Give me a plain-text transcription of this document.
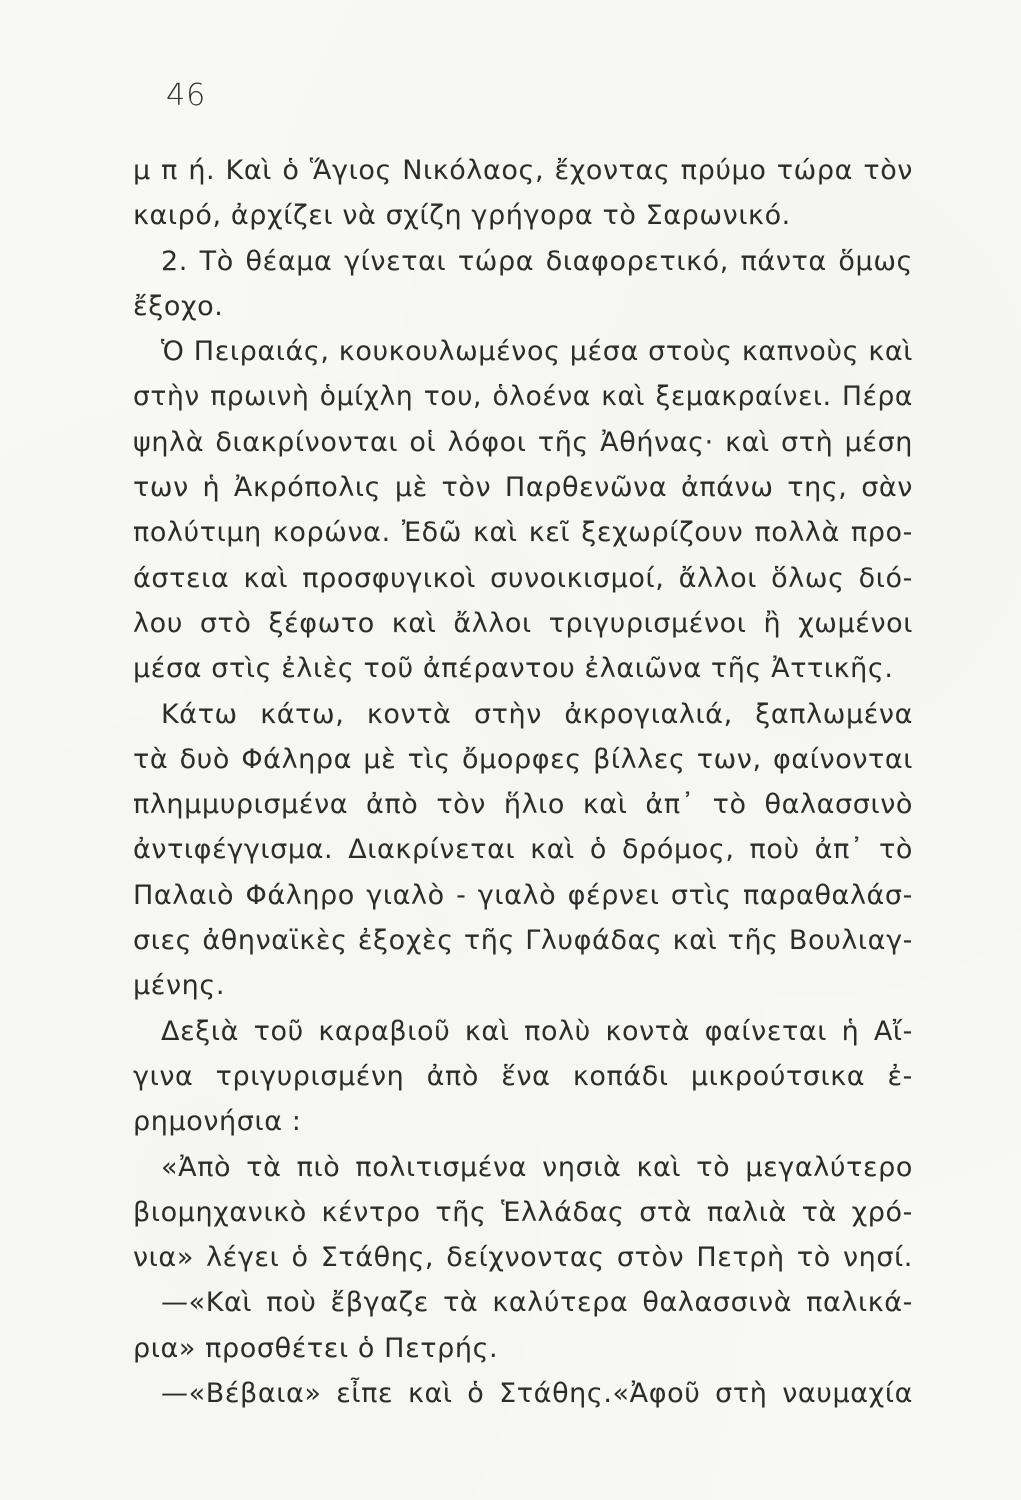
46
μ π ή. Καὶ ὁ Ἅγιος Νικόλαος, ἔχοντας πρύμο τώρα τὸν
καιρό, ἀρχίζει νὰ σχίζη γρήγορα τὸ Σαρωνικό.
2. Τὸ θέαμα γίνεται τώρα διαφορετικό, πάντα ὅμως
ἔξοχο.
Ὁ Πειραιάς, κουκουλωμένος μέσα στοὺς καπνοὺς καὶ
στὴν πρωινὴ ὁμίχλη του, ὁλοένα καὶ ξεμακραίνει. Πέρα
ψηλὰ διακρίνονται οἱ λόφοι τῆς Ἀθήνας· καὶ στὴ μέση
των ἡ Ἀκρόπολις μὲ τὸν Παρθενῶνα ἀπάνω της, σὰν
πολύτιμη κορώνα. Ἐδῶ καὶ κεῖ ξεχωρίζουν πολλὰ προ-
άστεια καὶ προσφυγικοὶ συνοικισμοί, ἄλλοι ὅλως διό-
λου στὸ ξέφωτο καὶ ἄλλοι τριγυρισμένοι ἢ χωμένοι
μέσα στὶς ἐλιὲς τοῦ ἀπέραντου ἐλαιῶνα τῆς Ἀττικῆς.
Κάτω κάτω, κοντὰ στὴν ἀκρογιαλιά, ξαπλωμένα
τὰ δυὸ Φάληρα μὲ τὶς ὄμορφες βίλλες των, φαίνονται
πλημμυρισμένα ἀπὸ τὸν ἥλιο καὶ ἀπ᾿ τὸ θαλασσινὸ
ἀντιφέγγισμα. Διακρίνεται καὶ ὁ δρόμος, ποὺ ἀπ᾿ τὸ
Παλαιὸ Φάληρο γιαλὸ - γιαλὸ φέρνει στὶς παραθαλάσ-
σιες ἀθηναϊκὲς ἐξοχὲς τῆς Γλυφάδας καὶ τῆς Βουλιαγ-
μένης.
Δεξιὰ τοῦ καραβιοῦ καὶ πολὺ κοντὰ φαίνεται ἡ Αἴ-
γινα τριγυρισμένη ἀπὸ ἕνα κοπάδι μικρούτσικα ἐ-
ρημονήσια :
«Ἀπὸ τὰ πιὸ πολιτισμένα νησιὰ καὶ τὸ μεγαλύτερο
βιομηχανικὸ κέντρο τῆς Ἑλλάδας στὰ παλιὰ τὰ χρό-
νια» λέγει ὁ Στάθης, δείχνοντας στὸν Πετρὴ τὸ νησί.
—«Καὶ ποὺ ἔβγαζε τὰ καλύτερα θαλασσινὰ παλικά-
ρια» προσθέτει ὁ Πετρής.
—«Βέβαια» εἶπε καὶ ὁ Στάθης.«Ἀφοῦ στὴ ναυμαχία
